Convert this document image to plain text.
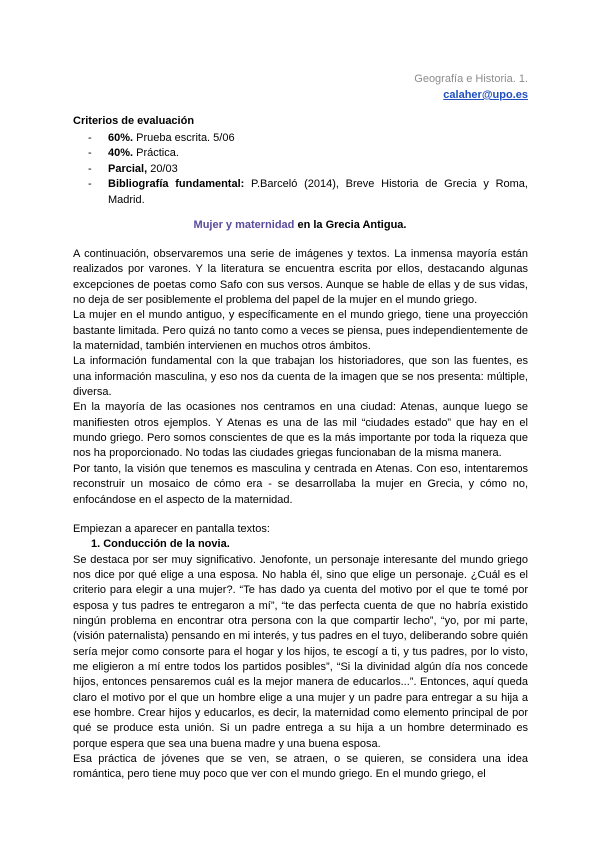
Geografía e Historia. 1.
calaher@upo.es
Criterios de evaluación
- 60%. Prueba escrita. 5/06
- 40%. Práctica.
- Parcial, 20/03
- Bibliografía fundamental: P.Barceló (2014), Breve Historia de Grecia y Roma, Madrid.
Mujer y maternidad en la Grecia Antigua.

A continuación, observaremos una serie de imágenes y textos. La inmensa mayoría están realizados por varones. Y la literatura se encuentra escrita por ellos, destacando algunas excepciones de poetas como Safo con sus versos. Aunque se hable de ellas y de sus vidas, no deja de ser posiblemente el problema del papel de la mujer en el mundo griego.

La mujer en el mundo antiguo, y específicamente en el mundo griego, tiene una proyección bastante limitada. Pero quizá no tanto como a veces se piensa, pues independientemente de la maternidad, también intervienen en muchos otros ámbitos.

La información fundamental con la que trabajan los historiadores, que son las fuentes, es una información masculina, y eso nos da cuenta de la imagen que se nos presenta: múltiple, diversa.

En la mayoría de las ocasiones nos centramos en una ciudad: Atenas, aunque luego se manifiesten otros ejemplos. Y Atenas es una de las mil “ciudades estado” que hay en el mundo griego. Pero somos conscientes de que es la más importante por toda la riqueza que nos ha proporcionado. No todas las ciudades griegas funcionaban de la misma manera.

Por tanto, la visión que tenemos es masculina y centrada en Atenas. Con eso, intentaremos reconstruir un mosaico de cómo era - se desarrollaba la mujer en Grecia, y cómo no, enfocándose en el aspecto de la maternidad.

Empiezan a aparecer en pantalla textos:

1. Conducción de la novia.

Se destaca por ser muy significativo. Jenofonte, un personaje interesante del mundo griego nos dice por qué elige a una esposa. No habla él, sino que elige un personaje. ¿Cuál es el criterio para elegir a una mujer?. “Te has dado ya cuenta del motivo por el que te tomé por esposa y tus padres te entregaron a mí”, “te das perfecta cuenta de que no habría existido ningún problema en encontrar otra persona con la que compartir lecho”, “yo, por mi parte, (visión paternalista) pensando en mi interés, y tus padres en el tuyo, deliberando sobre quién sería mejor como consorte para el hogar y los hijos, te escogí a ti, y tus padres, por lo visto, me eligieron a mí entre todos los partidos posibles”, “Si la divinidad algún día nos concede hijos, entonces pensaremos cuál es la mejor manera de educarlos...”. Entonces, aquí queda claro el motivo por el que un hombre elige a una mujer y un padre para entregar a su hija a ese hombre. Crear hijos y educarlos, es decir, la maternidad como elemento principal de por qué se produce esta unión. Si un padre entrega a su hija a un hombre determinado es porque espera que sea una buena madre y una buena esposa.

Esa práctica de jóvenes que se ven, se atraen, o se quieren, se considera una idea romántica, pero tiene muy poco que ver con el mundo griego. En el mundo griego, el
